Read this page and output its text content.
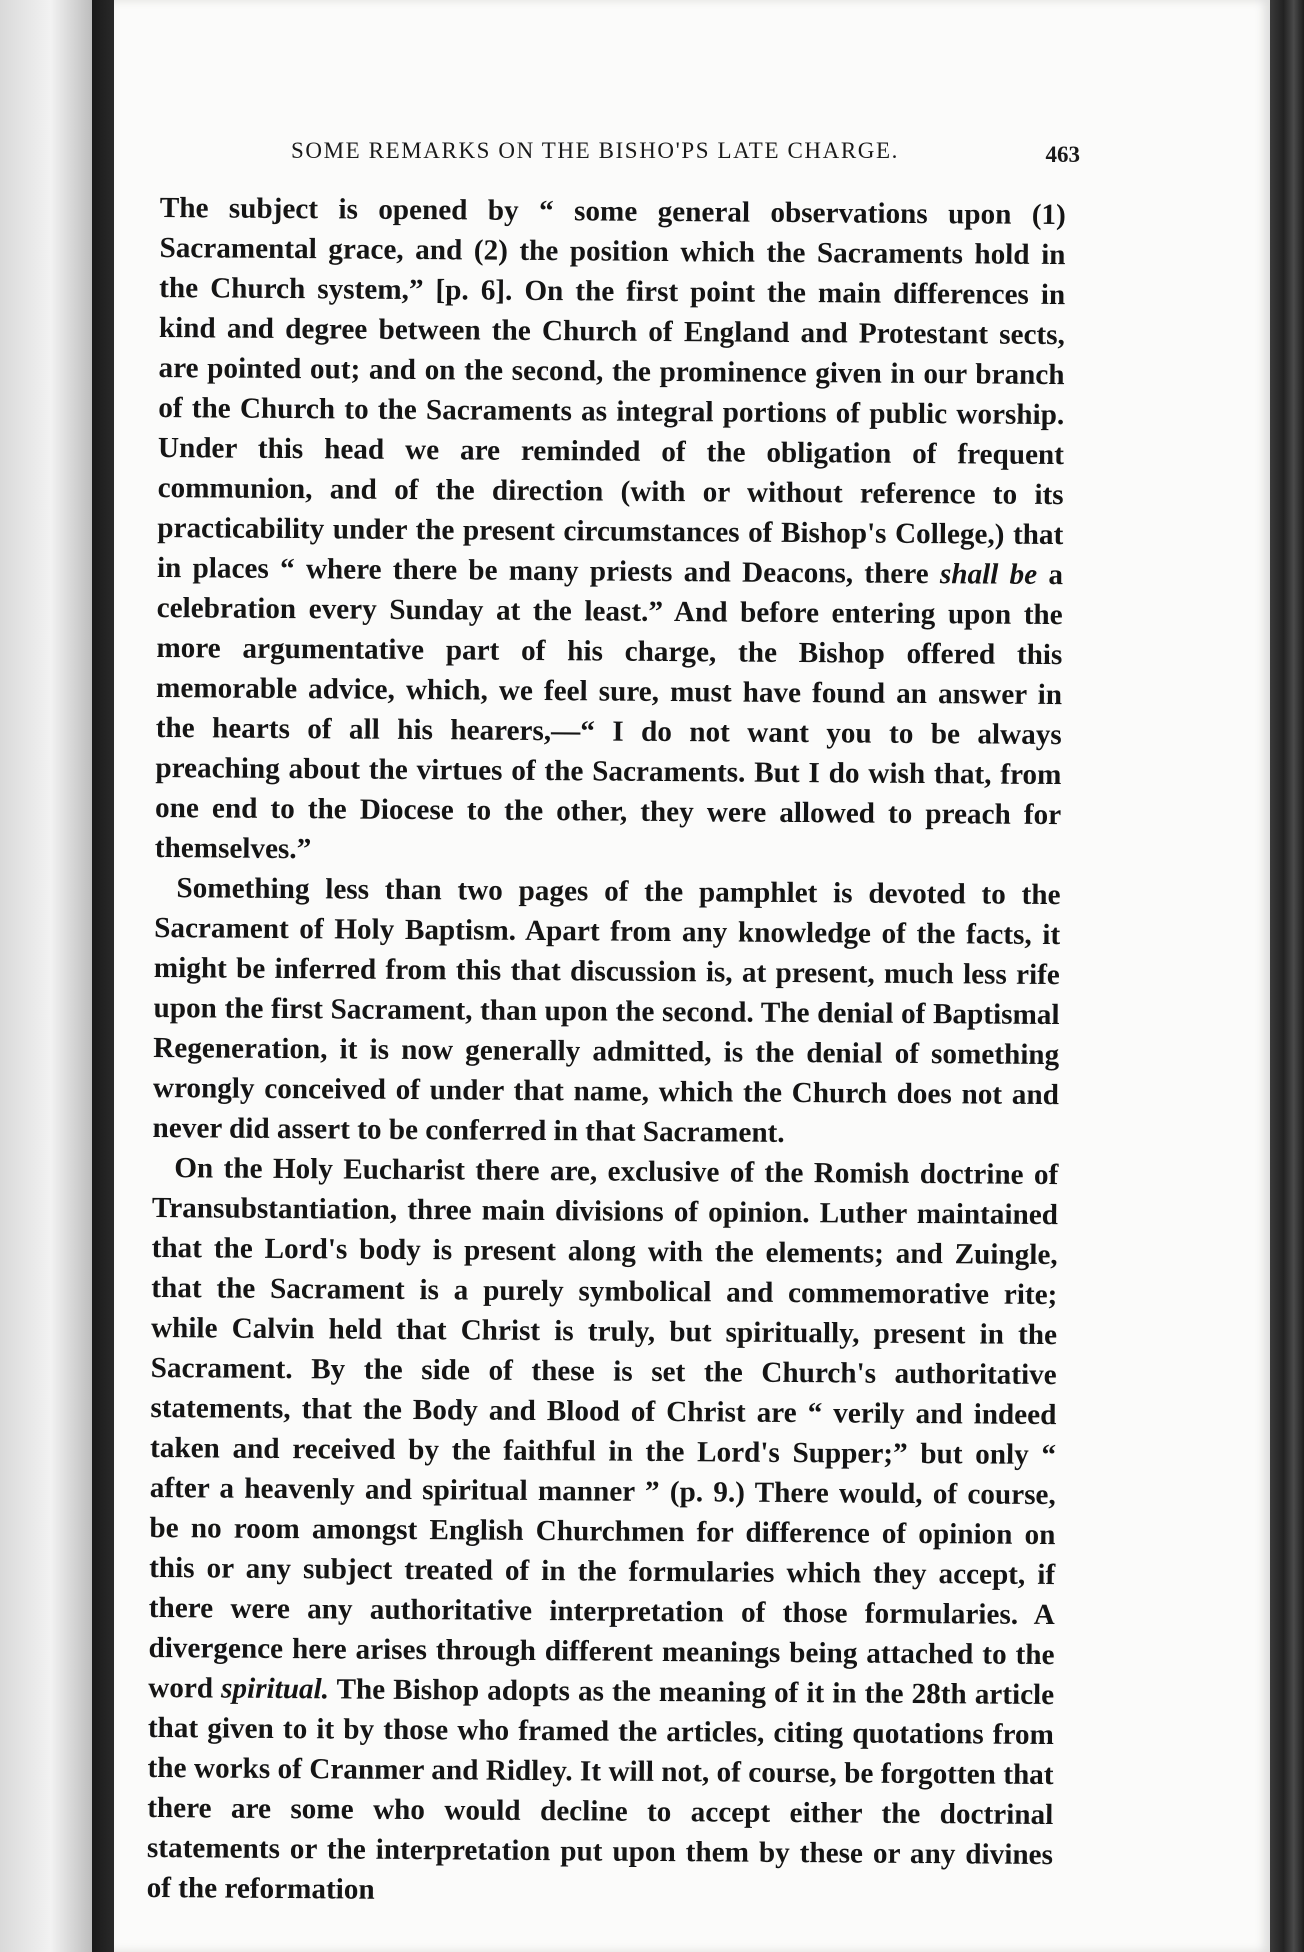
SOME REMARKS ON THE BISHO'PS LATE CHARGE.	463

The subject is opened by “ some general observations upon (1) Sacramental grace, and (2) the position which the Sacraments hold in the Church system,” [p. 6]. On the first point the main differences in kind and degree between the Church of England and Protestant sects, are pointed out; and on the second, the prominence given in our branch of the Church to the Sacraments as integral portions of public worship. Under this head we are reminded of the obligation of frequent communion, and of the direction (with or without reference to its practicability under the present circumstances of Bishop's College,) that in places “ where there be many priests and Deacons, there shall be a celebration every Sunday at the least.” And before entering upon the more argumentative part of his charge, the Bishop offered this memorable advice, which, we feel sure, must have found an answer in the hearts of all his hearers,—“ I do not want you to be always preaching about the virtues of the Sacraments. But I do wish that, from one end to the Diocese to the other, they were allowed to preach for themselves.”

Something less than two pages of the pamphlet is devoted to the Sacrament of Holy Baptism. Apart from any knowledge of the facts, it might be inferred from this that discussion is, at present, much less rife upon the first Sacrament, than upon the second. The denial of Baptismal Regeneration, it is now generally admitted, is the denial of something wrongly conceived of under that name, which the Church does not and never did assert to be conferred in that Sacrament.

On the Holy Eucharist there are, exclusive of the Romish doctrine of Transubstantiation, three main divisions of opinion. Luther maintained that the Lord's body is present along with the elements; and Zuingle, that the Sacrament is a purely symbolical and commemorative rite; while Calvin held that Christ is truly, but spiritually, present in the Sacrament. By the side of these is set the Church's authoritative statements, that the Body and Blood of Christ are “ verily and indeed taken and received by the faithful in the Lord's Supper;” but only “ after a heavenly and spiritual manner ” (p. 9.) There would, of course, be no room amongst English Churchmen for difference of opinion on this or any subject treated of in the formularies which they accept, if there were any authoritative interpretation of those formularies. A divergence here arises through different meanings being attached to the word spiritual. The Bishop adopts as the meaning of it in the 28th article that given to it by those who framed the articles, citing quotations from the works of Cranmer and Ridley. It will not, of course, be forgotten that there are some who would decline to accept either the doctrinal statements or the interpretation put upon them by these or any divines of the reformation
